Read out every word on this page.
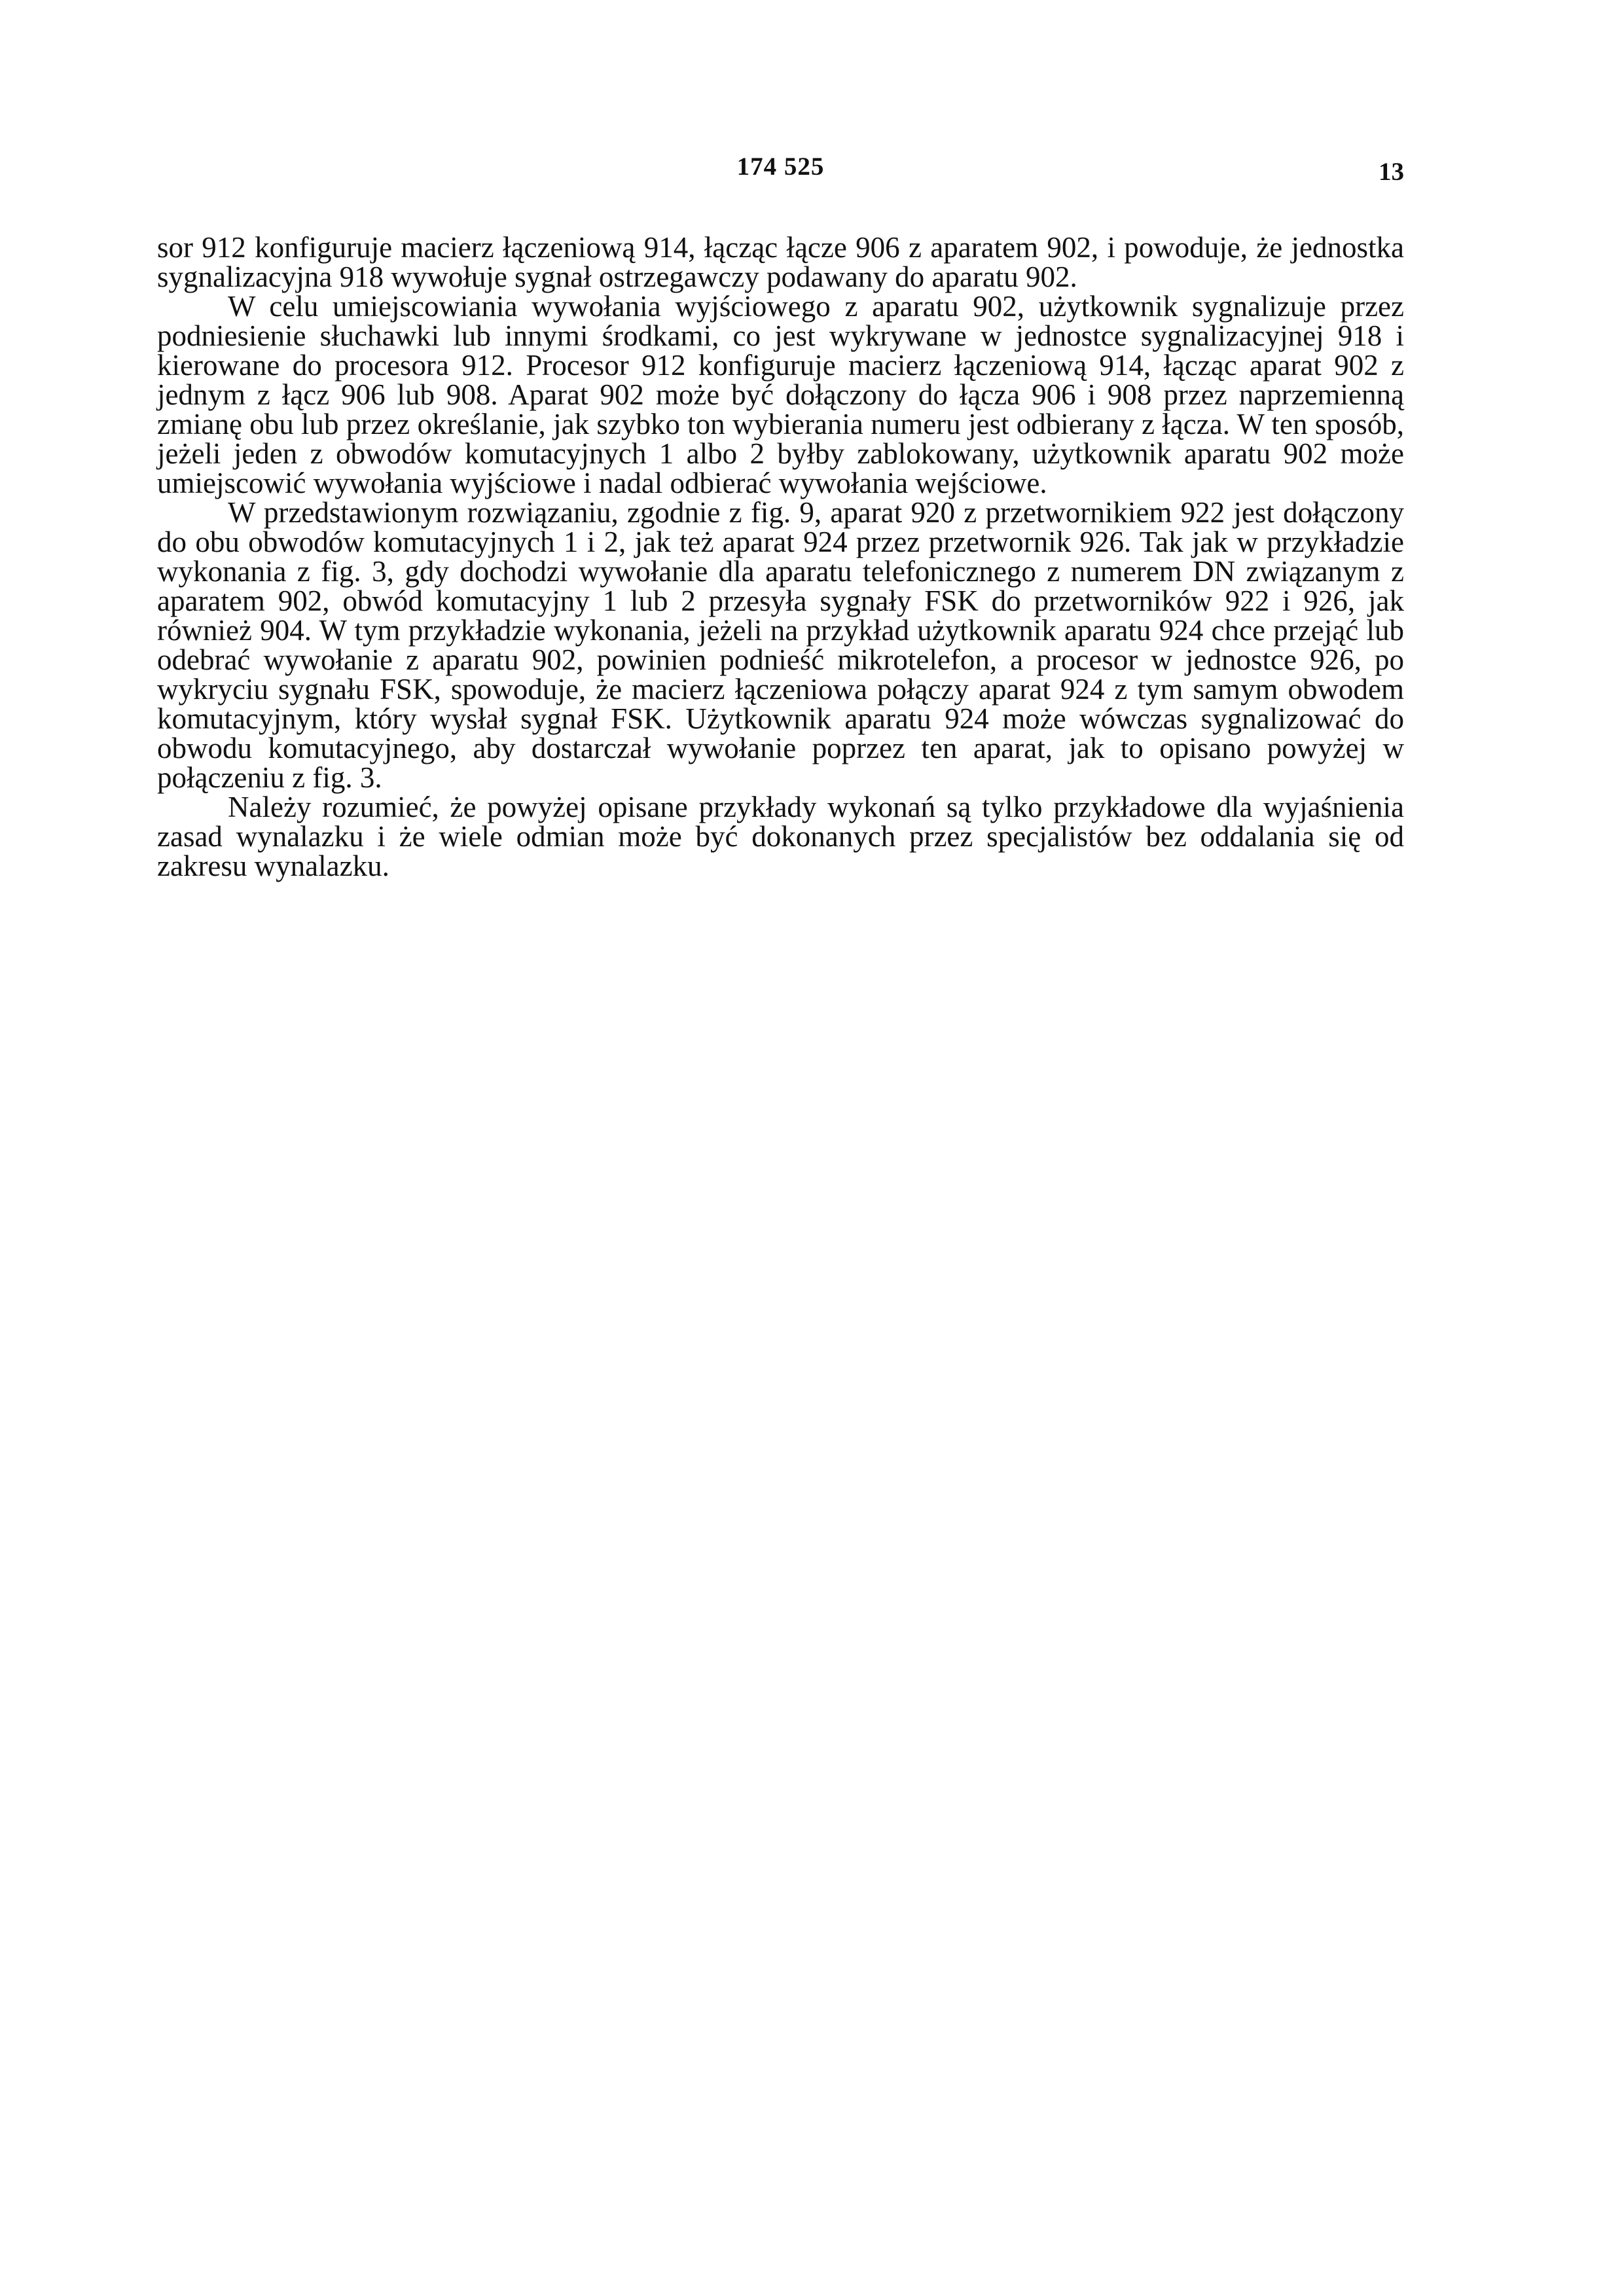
174 525	13

sor 912 konfiguruje macierz łączeniową 914, łącząc łącze 906 z aparatem 902, i powoduje, że jednostka sygnalizacyjna 918 wywołuje sygnał ostrzegawczy podawany do aparatu 902.

W celu umiejscowiania wywołania wyjściowego z aparatu 902, użytkownik sygnalizuje przez podniesienie słuchawki lub innymi środkami, co jest wykrywane w jednostce sygnalizacyjnej 918 i kierowane do procesora 912. Procesor 912 konfiguruje macierz łączeniową 914, łącząc aparat 902 z jednym z łącz 906 lub 908. Aparat 902 może być dołączony do łącza 906 i 908 przez naprzemienną zmianę obu lub przez określanie, jak szybko ton wybierania numeru jest odbierany z łącza. W ten sposób, jeżeli jeden z obwodów komutacyjnych 1 albo 2 byłby zablokowany, użytkownik aparatu 902 może umiejscowić wywołania wyjściowe i nadal odbierać wywołania wejściowe.

W przedstawionym rozwiązaniu, zgodnie z fig. 9, aparat 920 z przetwornikiem 922 jest dołączony do obu obwodów komutacyjnych 1 i 2, jak też aparat 924 przez przetwornik 926. Tak jak w przykładzie wykonania z fig. 3, gdy dochodzi wywołanie dla aparatu telefonicznego z numerem DN związanym z aparatem 902, obwód komutacyjny 1 lub 2 przesyła sygnały FSK do przetworników 922 i 926, jak również 904. W tym przykładzie wykonania, jeżeli na przykład użytkownik aparatu 924 chce przejąć lub odebrać wywołanie z aparatu 902, powinien podnieść mikrotelefon, a procesor w jednostce 926, po wykryciu sygnału FSK, spowoduje, że macierz łączeniowa połączy aparat 924 z tym samym obwodem komutacyjnym, który wysłał sygnał FSK. Użytkownik aparatu 924 może wówczas sygnalizować do obwodu komutacyjnego, aby dostarczał wywołanie poprzez ten aparat, jak to opisano powyżej w połączeniu z fig. 3.

Należy rozumieć, że powyżej opisane przykłady wykonań są tylko przykładowe dla wyjaśnienia zasad wynalazku i że wiele odmian może być dokonanych przez specjalistów bez oddalania się od zakresu wynalazku.
